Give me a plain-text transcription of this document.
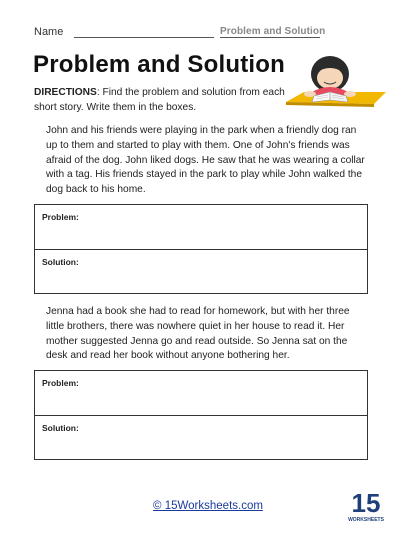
Name	Problem and Solution
Problem and Solution

DIRECTIONS: Find the problem and solution from each short story. Write them in the boxes.

John and his friends were playing in the park when a friendly dog ran up to them and started to play with them. One of John's friends was afraid of the dog. John liked dogs. He saw that he was wearing a collar with a tag. His friends stayed in the park to play while John walked the dog back to his home.

Problem:
Solution:

Jenna had a book she had to read for homework, but with her three little brothers, there was nowhere quiet in her house to read it. Her mother suggested Jenna go and read outside. So Jenna sat on the desk and read her book without anyone bothering her.

Problem:
Solution:
© 15Worksheets.com	15
WORKSHEETS
